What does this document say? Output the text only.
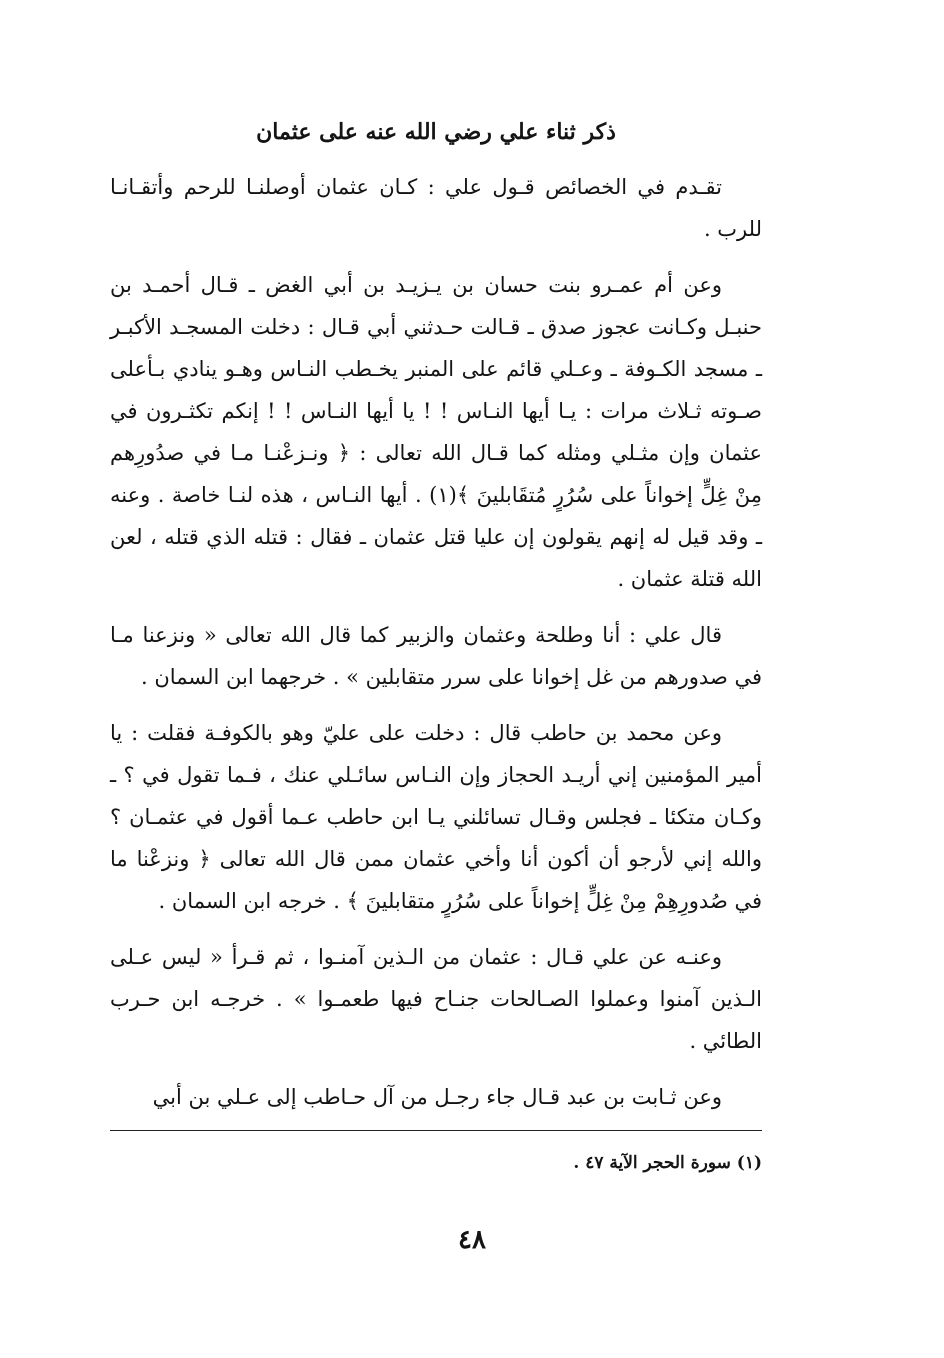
ذكر ثناء علي رضي الله عنه على عثمان

تقـدم في الخصائص قـول علي : كـان عثمان أوصلنـا للرحم وأتقـانـا للرب .

وعن أم عمـرو بنت حسان بن يـزيـد بن أبي الغض ـ قـال أحمـد بن حنبـل وكـانت عجوز صدق ـ قـالت حـدثني أبي قـال : دخلت المسجـد الأكبـر ـ مسجد الكـوفة ـ وعـلي قائم على المنبر يخـطب النـاس وهـو ينادي بـأعلى صـوته ثـلاث مرات : يـا أيها النـاس ! ! يا أيها النـاس ! ! إنكم تكثـرون في عثمان وإن مثـلي ومثله كما قـال الله تعالى : ﴿ ونـزعْنـا مـا في صدُورِهم مِنْ غِلٍّ إخواناً على سُرُرٍ مُتقَابلينَ ﴾(١) . أيها النـاس ، هذه لنـا خاصة . وعنه ـ وقد قيل له إنهم يقولون إن عليا قتل عثمان ـ فقال : قتله الذي قتله ، لعن الله قتلة عثمان .

قال علي : أنا وطلحة وعثمان والزبير كما قال الله تعالى « ونزعنا مـا في صدورهم من غل إخوانا على سرر متقابلين » . خرجهما ابن السمان .

وعن محمد بن حاطب قال : دخلت على عليّ وهو بالكوفـة فقلت : يا أمير المؤمنين إني أريـد الحجاز وإن النـاس سائـلي عنك ، فـما تقول في ؟ ـ وكـان متكئا ـ فجلس وقـال تسائلني يـا ابن حاطب عـما أقول في عثمـان ؟ والله إني لأرجو أن أكون أنا وأخي عثمان ممن قال الله تعالى ﴿ ونزعْنا ما في صُدورِهِمْ مِنْ غِلٍّ إخواناً على سُرُرٍ متقابلينَ ﴾ . خرجه ابن السمان .

وعنـه عن علي قـال : عثمان من الـذين آمنـوا ، ثم قـرأ « ليس عـلى الـذين آمنوا وعملوا الصـالحات جنـاح فيها طعمـوا » . خرجـه ابن حـرب الطائي .

وعن ثـابت بن عبد قـال جاء رجـل من آل حـاطب إلى عـلي بن أبي

(١) سورة الحجر الآية ٤٧ .
٤٨
